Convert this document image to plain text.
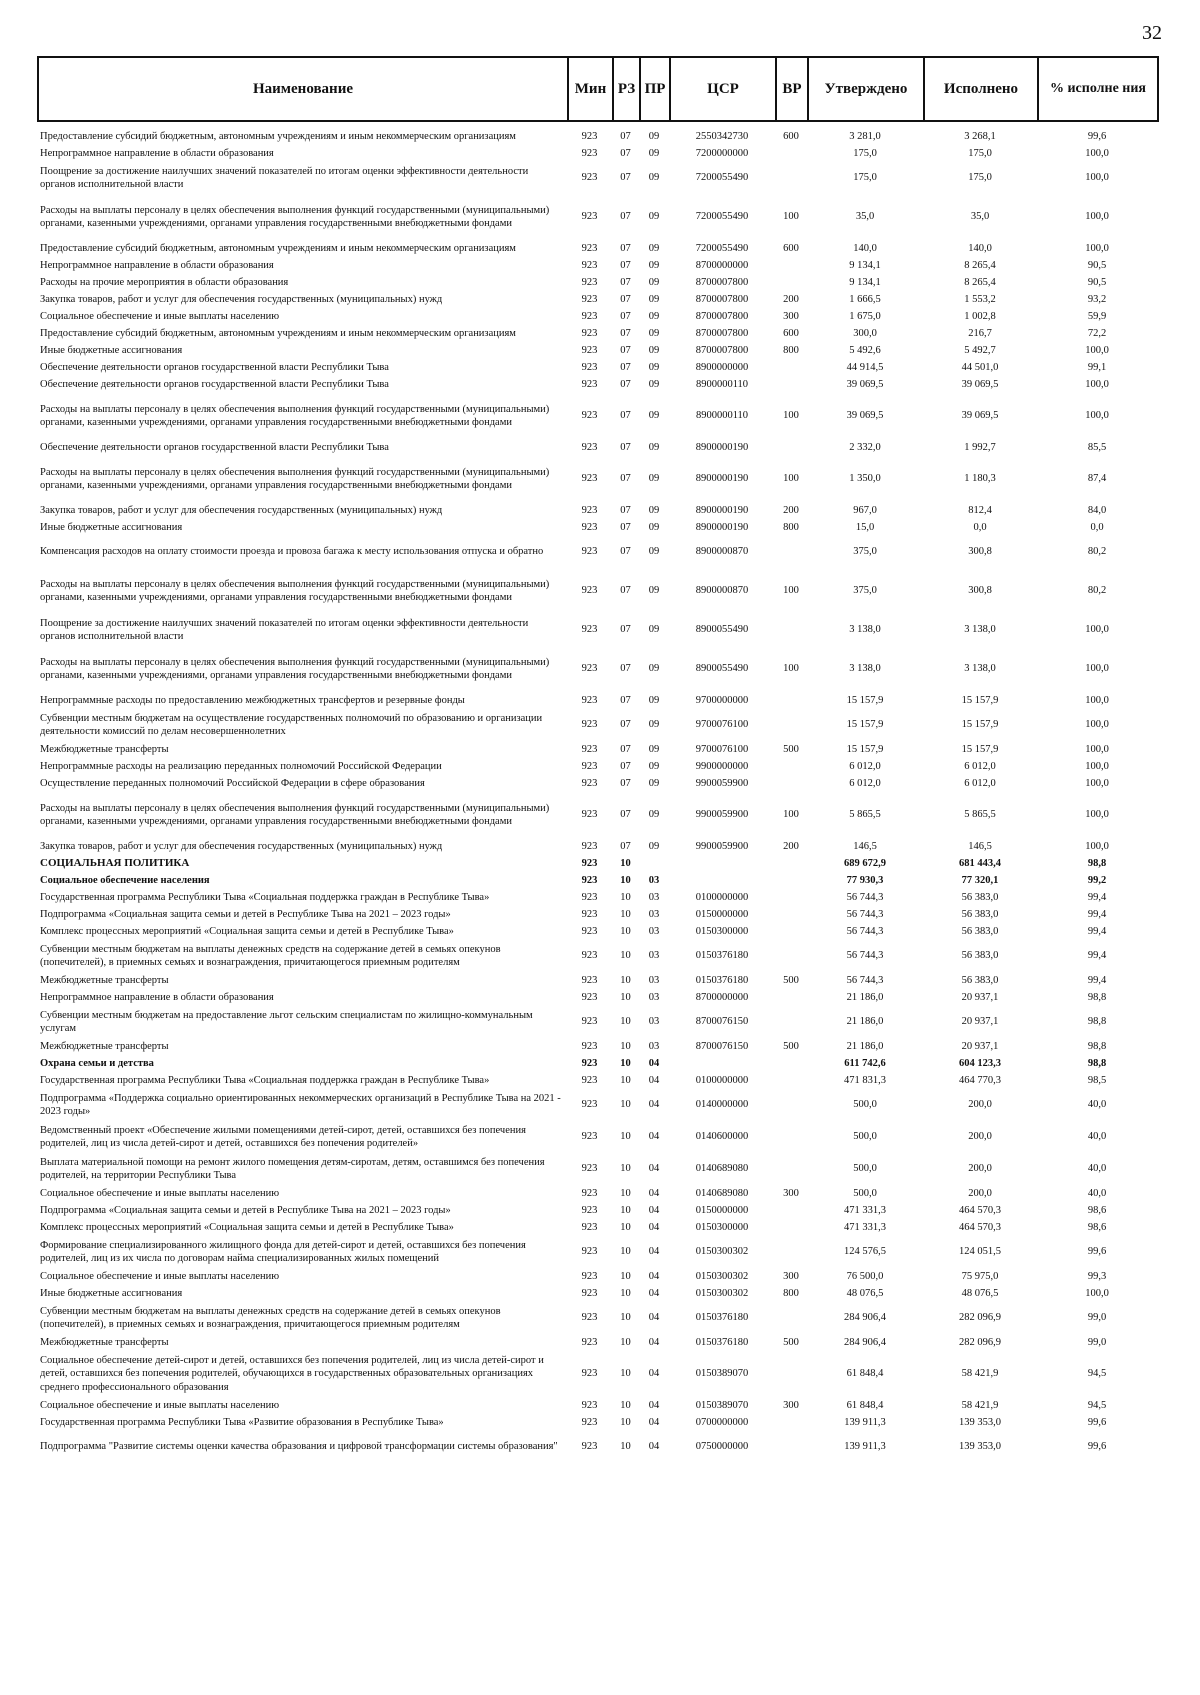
32
Наименование	Мин	РЗ	ПР	ЦСР	ВР	Утверждено	Исполнено	% исполне ния
Предоставление субсидий бюджетным, автономным учреждениям и иным некоммерческим организациям	923	07	09	2550342730	600	3 281,0	3 268,1	99,6
Непрограммное направление в области образования	923	07	09	7200000000		175,0	175,0	100,0
Поощрение за достижение наилучших значений показателей по итогам оценки эффективности деятельности органов исполнительной власти	923	07	09	7200055490		175,0	175,0	100,0
Расходы на выплаты персоналу в целях обеспечения выполнения функций государственными (муниципальными) органами, казенными учреждениями, органами управления государственными внебюджетными фондами	923	07	09	7200055490	100	35,0	35,0	100,0
Предоставление субсидий бюджетным, автономным учреждениям и иным некоммерческим организациям	923	07	09	7200055490	600	140,0	140,0	100,0
Непрограммное направление в области образования	923	07	09	8700000000		9 134,1	8 265,4	90,5
Расходы на прочие мероприятия в области образования	923	07	09	8700007800		9 134,1	8 265,4	90,5
Закупка товаров, работ и услуг для обеспечения государственных (муниципальных) нужд	923	07	09	8700007800	200	1 666,5	1 553,2	93,2
Социальное обеспечение и иные выплаты населению	923	07	09	8700007800	300	1 675,0	1 002,8	59,9
Предоставление субсидий бюджетным, автономным учреждениям и иным некоммерческим организациям	923	07	09	8700007800	600	300,0	216,7	72,2
Иные бюджетные ассигнования	923	07	09	8700007800	800	5 492,6	5 492,7	100,0
Обеспечение деятельности органов государственной власти Республики Тыва	923	07	09	8900000000		44 914,5	44 501,0	99,1
Обеспечение деятельности органов государственной власти Республики Тыва	923	07	09	8900000110		39 069,5	39 069,5	100,0
Расходы на выплаты персоналу в целях обеспечения выполнения функций государственными (муниципальными) органами, казенными учреждениями, органами управления государственными внебюджетными фондами	923	07	09	8900000110	100	39 069,5	39 069,5	100,0
Обеспечение деятельности органов государственной власти Республики Тыва	923	07	09	8900000190		2 332,0	1 992,7	85,5
Расходы на выплаты персоналу в целях обеспечения выполнения функций государственными (муниципальными) органами, казенными учреждениями, органами управления государственными внебюджетными фондами	923	07	09	8900000190	100	1 350,0	1 180,3	87,4
Закупка товаров, работ и услуг для обеспечения государственных (муниципальных) нужд	923	07	09	8900000190	200	967,0	812,4	84,0
Иные бюджетные ассигнования	923	07	09	8900000190	800	15,0	0,0	0,0
Компенсация расходов на оплату стоимости проезда и провоза багажа к месту использования отпуска и обратно	923	07	09	8900000870		375,0	300,8	80,2
Расходы на выплаты персоналу в целях обеспечения выполнения функций государственными (муниципальными) органами, казенными учреждениями, органами управления государственными внебюджетными фондами	923	07	09	8900000870	100	375,0	300,8	80,2
Поощрение за достижение наилучших значений показателей по итогам оценки эффективности деятельности органов исполнительной власти	923	07	09	8900055490		3 138,0	3 138,0	100,0
Расходы на выплаты персоналу в целях обеспечения выполнения функций государственными (муниципальными) органами, казенными учреждениями, органами управления государственными внебюджетными фондами	923	07	09	8900055490	100	3 138,0	3 138,0	100,0
Непрограммные расходы по предоставлению межбюджетных трансфертов и резервные фонды	923	07	09	9700000000		15 157,9	15 157,9	100,0
Субвенции местным бюджетам на осуществление государственных полномочий по образованию и организации деятельности комиссий по делам несовершеннолетних	923	07	09	9700076100		15 157,9	15 157,9	100,0
Межбюджетные трансферты	923	07	09	9700076100	500	15 157,9	15 157,9	100,0
Непрограммные расходы на реализацию переданных полномочий Российской Федерации	923	07	09	9900000000		6 012,0	6 012,0	100,0
Осуществление переданных полномочий Российской Федерации в сфере образования	923	07	09	9900059900		6 012,0	6 012,0	100,0
Расходы на выплаты персоналу в целях обеспечения выполнения функций государственными (муниципальными) органами, казенными учреждениями, органами управления государственными внебюджетными фондами	923	07	09	9900059900	100	5 865,5	5 865,5	100,0
Закупка товаров, работ и услуг для обеспечения государственных (муниципальных) нужд	923	07	09	9900059900	200	146,5	146,5	100,0
СОЦИАЛЬНАЯ ПОЛИТИКА	923	10				689 672,9	681 443,4	98,8
Социальное обеспечение населения	923	10	03			77 930,3	77 320,1	99,2
Государственная программа Республики Тыва «Социальная поддержка граждан в Республике Тыва»	923	10	03	0100000000		56 744,3	56 383,0	99,4
Подпрограмма «Социальная защита семьи и детей в Республике Тыва на 2021 – 2023 годы»	923	10	03	0150000000		56 744,3	56 383,0	99,4
Комплекс процессных мероприятий «Социальная защита семьи и детей в Республике Тыва»	923	10	03	0150300000		56 744,3	56 383,0	99,4
Субвенции местным бюджетам на выплаты денежных средств на содержание детей в семьях опекунов (попечителей), в приемных семьях и вознаграждения, причитающегося приемным родителям	923	10	03	0150376180		56 744,3	56 383,0	99,4
Межбюджетные трансферты	923	10	03	0150376180	500	56 744,3	56 383,0	99,4
Непрограммное направление в области образования	923	10	03	8700000000		21 186,0	20 937,1	98,8
Субвенции местным бюджетам на предоставление льгот сельским специалистам по жилищно-коммунальным услугам	923	10	03	8700076150		21 186,0	20 937,1	98,8
Межбюджетные трансферты	923	10	03	8700076150	500	21 186,0	20 937,1	98,8
Охрана семьи и детства	923	10	04			611 742,6	604 123,3	98,8
Государственная программа Республики Тыва «Социальная поддержка граждан в Республике Тыва»	923	10	04	0100000000		471 831,3	464 770,3	98,5
Подпрограмма «Поддержка социально ориентированных некоммерческих организаций в Республике Тыва на 2021 - 2023 годы»	923	10	04	0140000000		500,0	200,0	40,0
Ведомственный проект «Обеспечение жилыми помещениями детей-сирот, детей, оставшихся без попечения родителей, лиц из числа детей-сирот и детей, оставшихся без попечения родителей»	923	10	04	0140600000		500,0	200,0	40,0
Выплата материальной помощи на ремонт жилого помещения детям-сиротам, детям, оставшимся без попечения родителей, на территории Республики Тыва	923	10	04	0140689080		500,0	200,0	40,0
Социальное обеспечение и иные выплаты населению	923	10	04	0140689080	300	500,0	200,0	40,0
Подпрограмма «Социальная защита семьи и детей в Республике Тыва на 2021 – 2023 годы»	923	10	04	0150000000		471 331,3	464 570,3	98,6
Комплекс процессных мероприятий «Социальная защита семьи и детей в Республике Тыва»	923	10	04	0150300000		471 331,3	464 570,3	98,6
Формирование специализированного жилищного фонда для детей-сирот и детей, оставшихся без попечения родителей, лиц из их числа по договорам найма специализированных жилых помещений	923	10	04	0150300302		124 576,5	124 051,5	99,6
Социальное обеспечение и иные выплаты населению	923	10	04	0150300302	300	76 500,0	75 975,0	99,3
Иные бюджетные ассигнования	923	10	04	0150300302	800	48 076,5	48 076,5	100,0
Субвенции местным бюджетам на выплаты денежных средств на содержание детей в семьях опекунов (попечителей), в приемных семьях и вознаграждения, причитающегося приемным родителям	923	10	04	0150376180		284 906,4	282 096,9	99,0
Межбюджетные трансферты	923	10	04	0150376180	500	284 906,4	282 096,9	99,0
Социальное обеспечение детей-сирот и детей, оставшихся без попечения родителей, лиц из числа детей-сирот и детей, оставшихся без попечения родителей, обучающихся в государственных образовательных организациях среднего профессионального образования	923	10	04	0150389070		61 848,4	58 421,9	94,5
Социальное обеспечение и иные выплаты населению	923	10	04	0150389070	300	61 848,4	58 421,9	94,5
Государственная программа Республики Тыва «Развитие образования в Республике Тыва»	923	10	04	0700000000		139 911,3	139 353,0	99,6
Подпрограмма "Развитие системы оценки качества образования и цифровой трансформации системы образования"	923	10	04	0750000000		139 911,3	139 353,0	99,6
